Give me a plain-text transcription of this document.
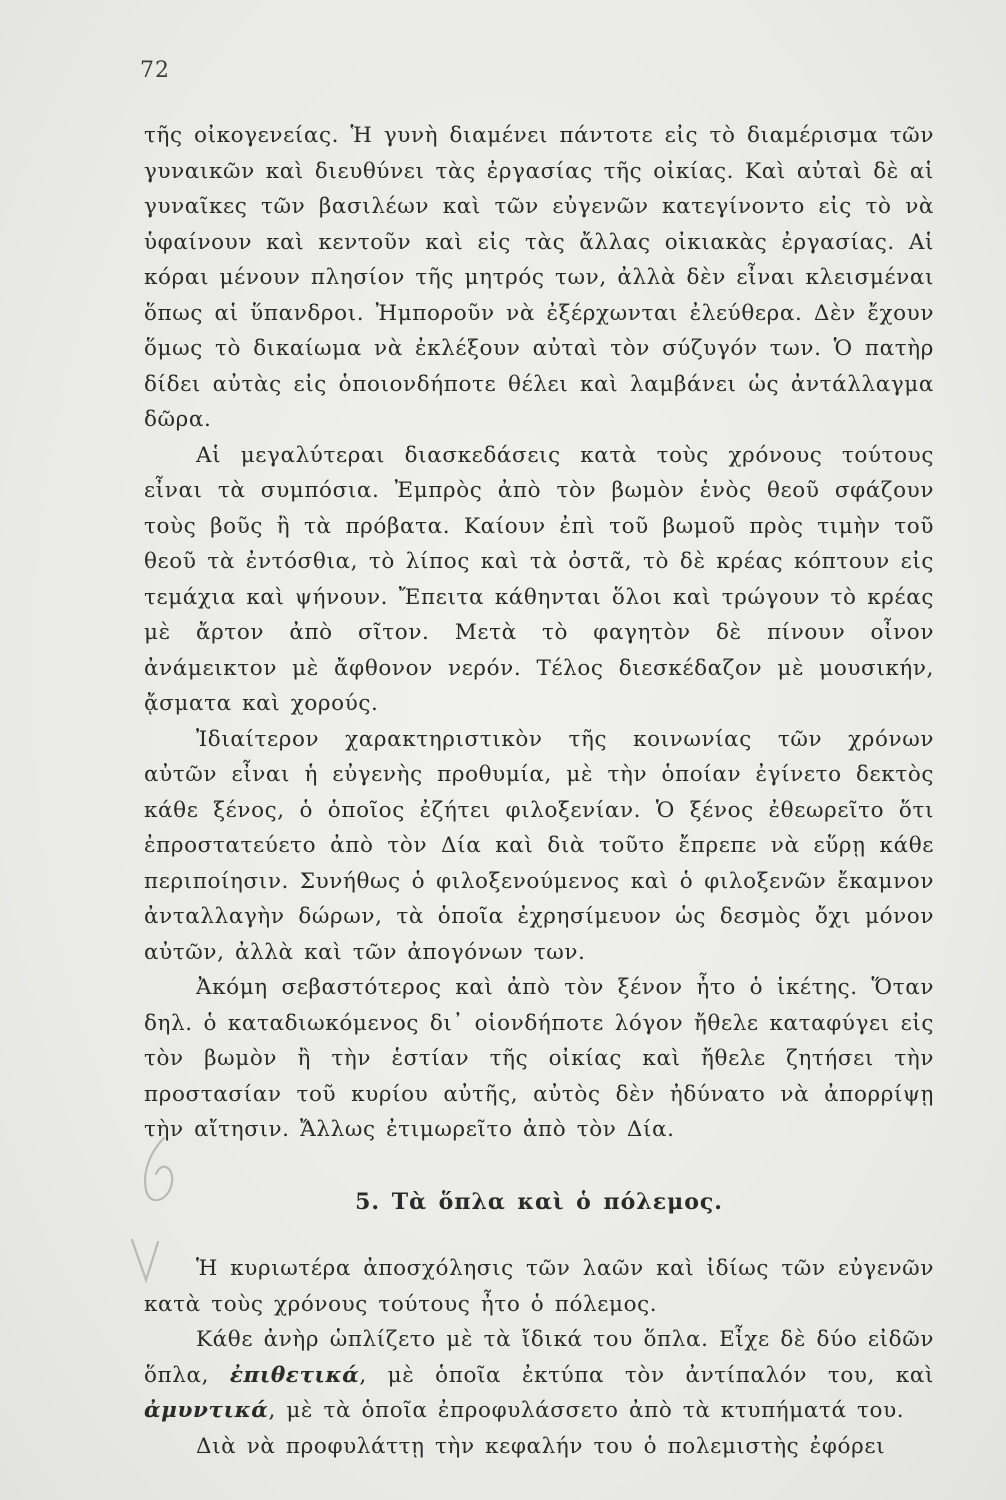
72

τῆς οἰκογενείας. Ἡ γυνὴ διαμένει πάντοτε εἰς τὸ διαμέρισμα τῶν γυναικῶν καὶ διευθύνει τὰς ἐργασίας τῆς οἰκίας. Καὶ αὐταὶ δὲ αἱ γυναῖκες τῶν βασιλέων καὶ τῶν εὐγενῶν κατεγίνοντο εἰς τὸ νὰ ὑφαίνουν καὶ κεντοῦν καὶ εἰς τὰς ἄλλας οἰκιακὰς ἐργασίας. Αἱ κόραι μένουν πλησίον τῆς μητρός των, ἀλλὰ δὲν εἶναι κλεισμέναι ὅπως αἱ ὕπανδροι. Ἠμποροῦν νὰ ἐξέρχωνται ἐλεύθερα. Δὲν ἔχουν ὅμως τὸ δικαίωμα νὰ ἐκλέξουν αὐταὶ τὸν σύζυγόν των. Ὁ πατὴρ δίδει αὐτὰς εἰς ὁποιονδήποτε θέλει καὶ λαμβάνει ὡς ἀντάλλαγμα δῶρα.

Αἱ μεγαλύτεραι διασκεδάσεις κατὰ τοὺς χρόνους τούτους εἶναι τὰ συμπόσια. Ἐμπρὸς ἀπὸ τὸν βωμὸν ἑνὸς θεοῦ σφάζουν τοὺς βοῦς ἢ τὰ πρόβατα. Καίουν ἐπὶ τοῦ βωμοῦ πρὸς τιμὴν τοῦ θεοῦ τὰ ἐντόσθια, τὸ λίπος καὶ τὰ ὀστᾶ, τὸ δὲ κρέας κόπτουν εἰς τεμάχια καὶ ψήνουν. Ἔπειτα κάθηνται ὅλοι καὶ τρώγουν τὸ κρέας μὲ ἄρτον ἀπὸ σῖτον. Μετὰ τὸ φαγητὸν δὲ πίνουν οἶνον ἀνάμεικτον μὲ ἄφθονον νερόν. Τέλος διεσκέδαζον μὲ μουσικήν, ᾄσματα καὶ χορούς.

Ἰδιαίτερον χαρακτηριστικὸν τῆς κοινωνίας τῶν χρόνων αὐτῶν εἶναι ἡ εὐγενὴς προθυμία, μὲ τὴν ὁποίαν ἐγίνετο δεκτὸς κάθε ξένος, ὁ ὁποῖος ἐζήτει φιλοξενίαν. Ὁ ξένος ἐθεωρεῖτο ὅτι ἐπροστατεύετο ἀπὸ τὸν Δία καὶ διὰ τοῦτο ἔπρεπε νὰ εὕρῃ κάθε περιποίησιν. Συνήθως ὁ φιλοξενούμενος καὶ ὁ φιλοξενῶν ἔκαμνον ἀνταλλαγὴν δώρων, τὰ ὁποῖα ἐχρησίμευον ὡς δεσμὸς ὄχι μόνον αὐτῶν, ἀλλὰ καὶ τῶν ἀπογόνων των.

Ἀκόμη σεβαστότερος καὶ ἀπὸ τὸν ξένον ἦτο ὁ ἱκέτης. Ὅταν δηλ. ὁ καταδιωκόμενος δι᾽ οἱονδήποτε λόγον ἤθελε καταφύγει εἰς τὸν βωμὸν ἢ τὴν ἑστίαν τῆς οἰκίας καὶ ἤθελε ζητήσει τὴν προστασίαν τοῦ κυρίου αὐτῆς, αὐτὸς δὲν ἠδύνατο νὰ ἀπορρίψῃ τὴν αἴτησιν. Ἄλλως ἐτιμωρεῖτο ἀπὸ τὸν Δία.

5. Τὰ ὅπλα καὶ ὁ πόλεμος.

Ἡ κυριωτέρα ἀποσχόλησις τῶν λαῶν καὶ ἰδίως τῶν εὐγενῶν κατὰ τοὺς χρόνους τούτους ἦτο ὁ πόλεμος.

Κάθε ἀνὴρ ὡπλίζετο μὲ τὰ ἴδικά του ὅπλα. Εἶχε δὲ δύο εἰδῶν ὅπλα, ἐπιθετικά, μὲ ὁποῖα ἐκτύπα τὸν ἀντίπαλόν του, καὶ ἀμυντικά, μὲ τὰ ὁποῖα ἐπροφυλάσσετο ἀπὸ τὰ κτυπήματά του.

Διὰ νὰ προφυλάττῃ τὴν κεφαλήν του ὁ πολεμιστὴς ἐφόρει
